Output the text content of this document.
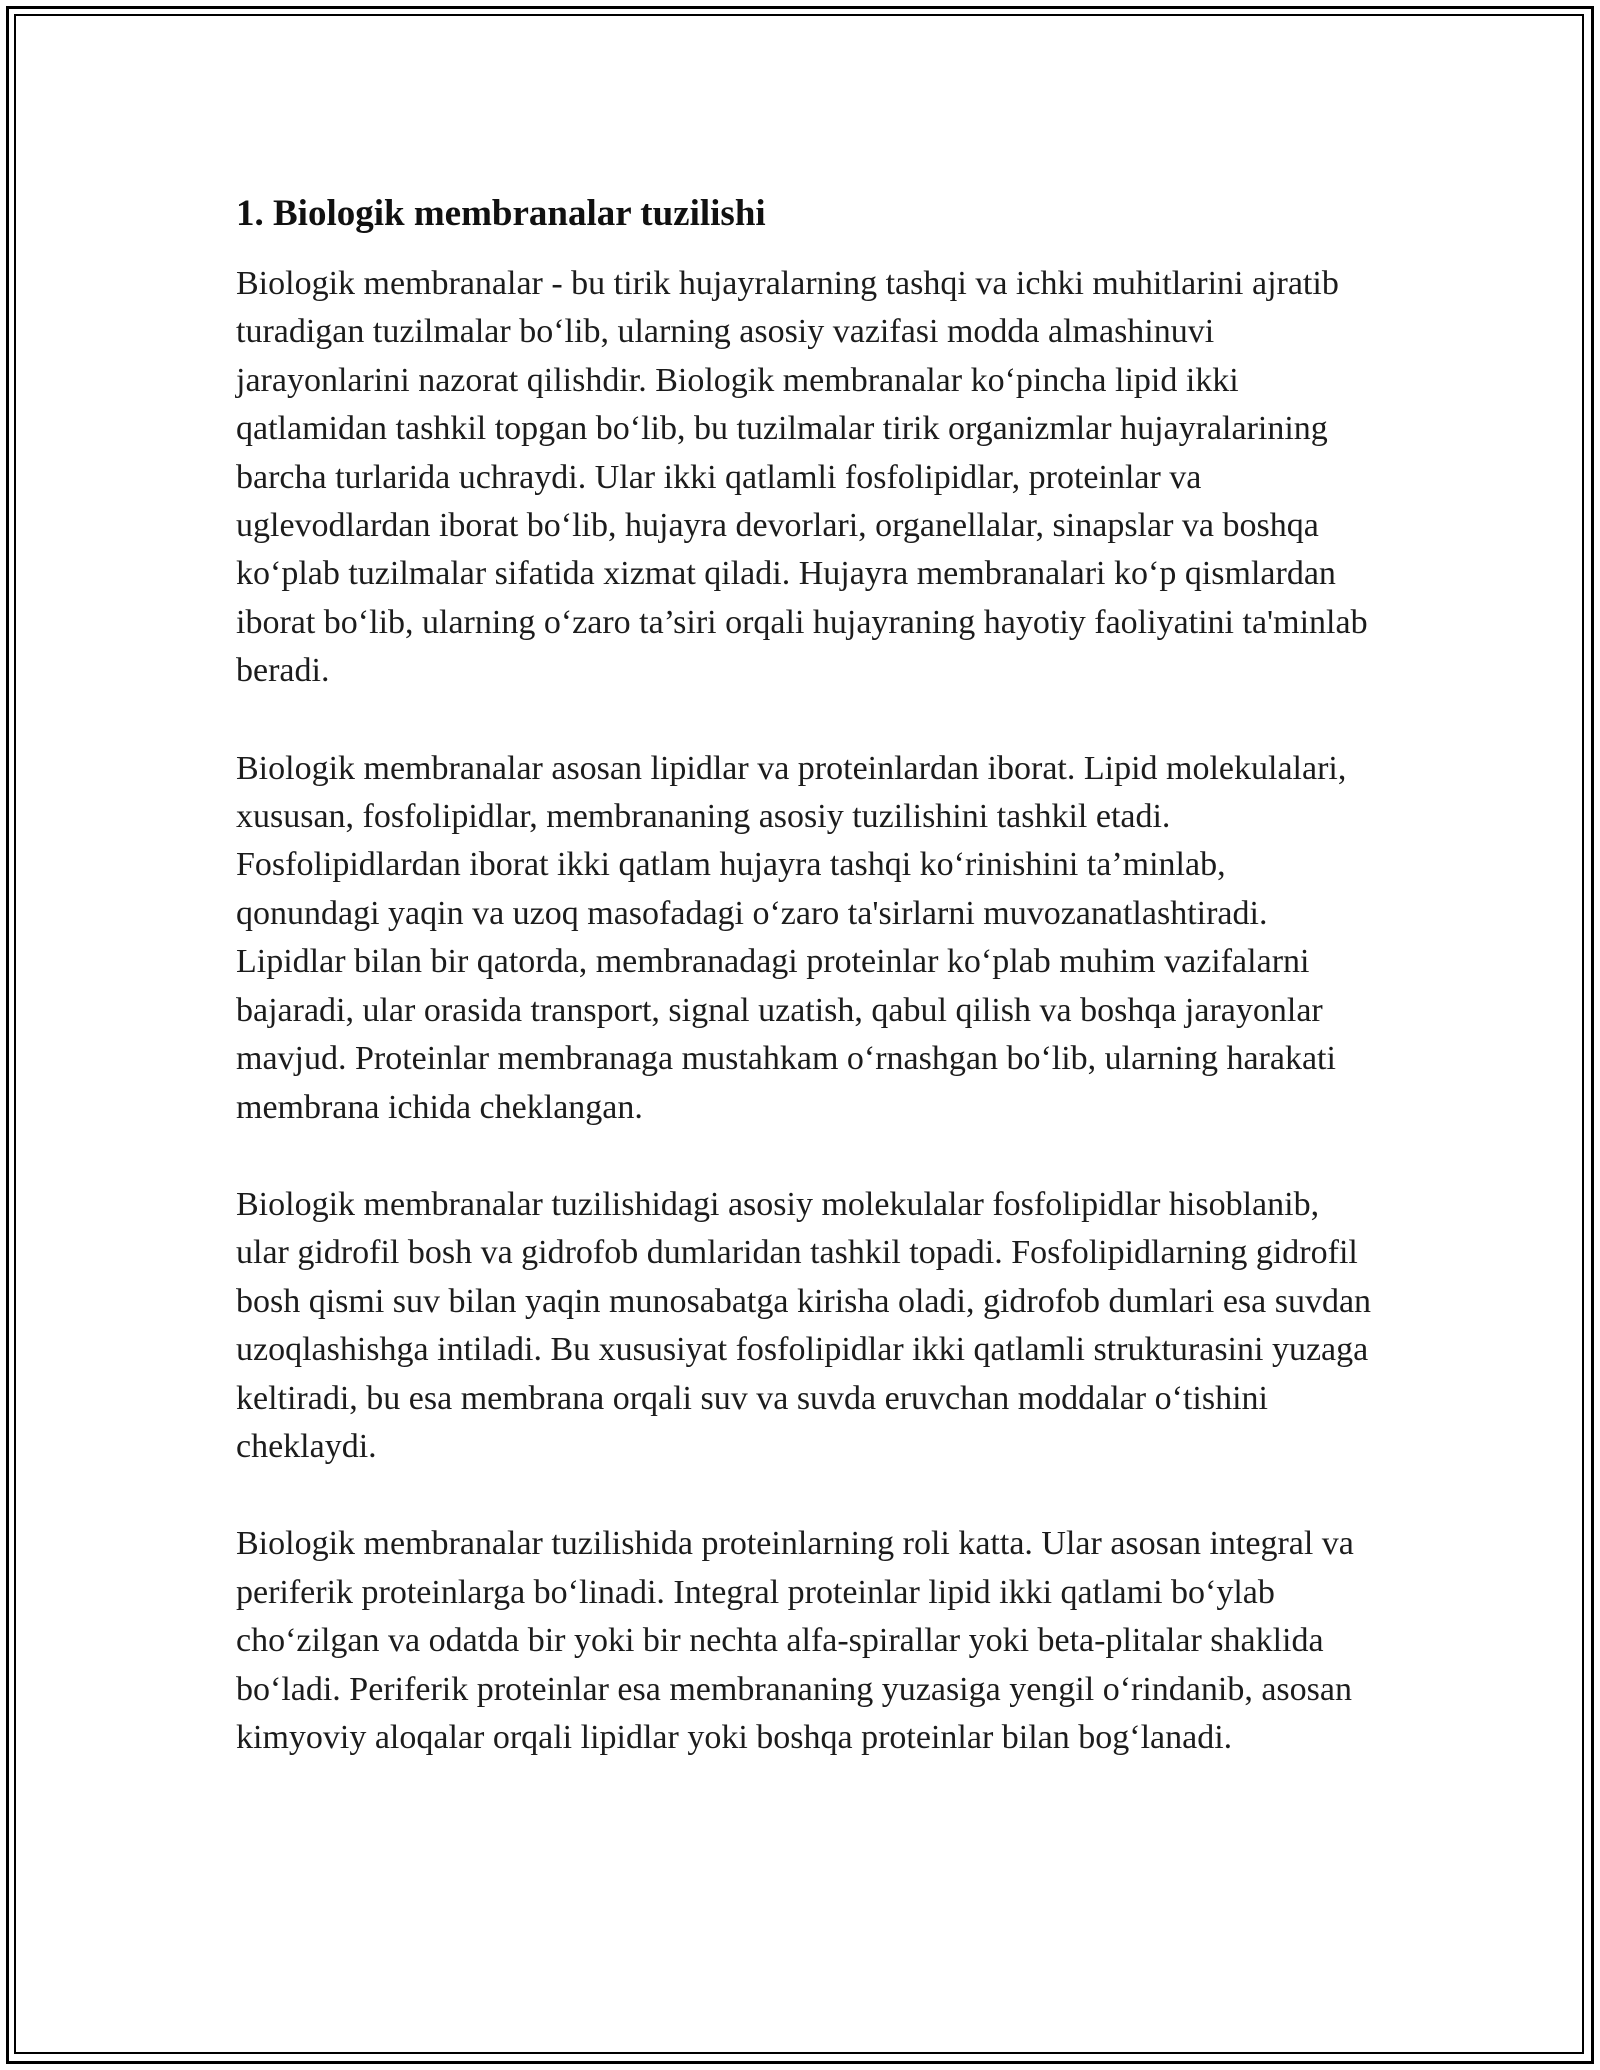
1. Biologik membranalar tuzilishi

Biologik membranalar - bu tirik hujayralarning tashqi va ichki muhitlarini ajratib turadigan tuzilmalar bo‘lib, ularning asosiy vazifasi modda almashinuvi jarayonlarini nazorat qilishdir. Biologik membranalar ko‘pincha lipid ikki qatlamidan tashkil topgan bo‘lib, bu tuzilmalar tirik organizmlar hujayralarining barcha turlarida uchraydi. Ular ikki qatlamli fosfolipidlar, proteinlar va uglevodlardan iborat bo‘lib, hujayra devorlari, organellalar, sinapslar va boshqa ko‘plab tuzilmalar sifatida xizmat qiladi. Hujayra membranalari ko‘p qismlardan iborat bo‘lib, ularning o‘zaro ta’siri orqali hujayraning hayotiy faoliyatini ta'minlab beradi.

Biologik membranalar asosan lipidlar va proteinlardan iborat. Lipid molekulalari, xususan, fosfolipidlar, membrananing asosiy tuzilishini tashkil etadi. Fosfolipidlardan iborat ikki qatlam hujayra tashqi ko‘rinishini ta’minlab, qonundagi yaqin va uzoq masofadagi o‘zaro ta'sirlarni muvozanatlashtiradi. Lipidlar bilan bir qatorda, membranadagi proteinlar ko‘plab muhim vazifalarni bajaradi, ular orasida transport, signal uzatish, qabul qilish va boshqa jarayonlar mavjud. Proteinlar membranaga mustahkam o‘rnashgan bo‘lib, ularning harakati membrana ichida cheklangan.

Biologik membranalar tuzilishidagi asosiy molekulalar fosfolipidlar hisoblanib, ular gidrofil bosh va gidrofob dumlaridan tashkil topadi. Fosfolipidlarning gidrofil bosh qismi suv bilan yaqin munosabatga kirisha oladi, gidrofob dumlari esa suvdan uzoqlashishga intiladi. Bu xususiyat fosfolipidlar ikki qatlamli strukturasini yuzaga keltiradi, bu esa membrana orqali suv va suvda eruvchan moddalar o‘tishini cheklaydi.

Biologik membranalar tuzilishida proteinlarning roli katta. Ular asosan integral va periferik proteinlarga bo‘linadi. Integral proteinlar lipid ikki qatlami bo‘ylab cho‘zilgan va odatda bir yoki bir nechta alfa-spirallar yoki beta-plitalar shaklida bo‘ladi. Periferik proteinlar esa membrananing yuzasiga yengil o‘rindanib, asosan kimyoviy aloqalar orqali lipidlar yoki boshqa proteinlar bilan bog‘lanadi.
